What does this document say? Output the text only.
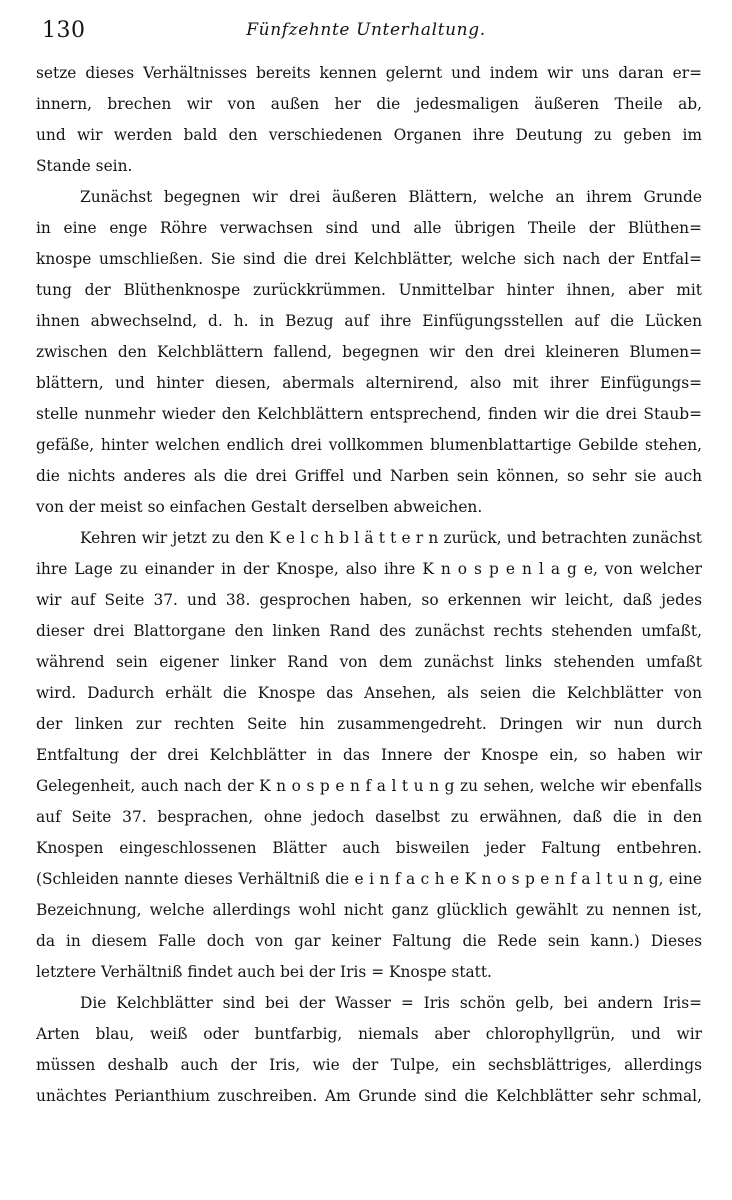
130	Fünfzehnte Unterhaltung.
setze dieses Verhältnisses bereits kennen gelernt und indem wir uns daran er=
innern, brechen wir von außen her die jedesmaligen äußeren Theile ab,
und wir werden bald den verschiedenen Organen ihre Deutung zu geben im
Stande sein.
Zunächst begegnen wir drei äußeren Blättern, welche an ihrem Grunde
in eine enge Röhre verwachsen sind und alle übrigen Theile der Blüthen=
knospe umschließen. Sie sind die drei Kelchblätter, welche sich nach der Entfal=
tung der Blüthenknospe zurückkrümmen. Unmittelbar hinter ihnen, aber mit
ihnen abwechselnd, d. h. in Bezug auf ihre Einfügungsstellen auf die Lücken
zwischen den Kelchblättern fallend, begegnen wir den drei kleineren Blumen=
blättern, und hinter diesen, abermals alternirend, also mit ihrer Einfügungs=
stelle nunmehr wieder den Kelchblättern entsprechend, finden wir die drei Staub=
gefäße, hinter welchen endlich drei vollkommen blumenblattartige Gebilde stehen,
die nichts anderes als die drei Griffel und Narben sein können, so sehr sie auch
von der meist so einfachen Gestalt derselben abweichen.
Kehren wir jetzt zu den K e l c h b l ä t t e r n zurück, und betrachten zunächst
ihre Lage zu einander in der Knospe, also ihre K n o s p e n l a g e, von welcher
wir auf Seite 37. und 38. gesprochen haben, so erkennen wir leicht, daß jedes
dieser drei Blattorgane den linken Rand des zunächst rechts stehenden umfaßt,
während sein eigener linker Rand von dem zunächst links stehenden umfaßt
wird. Dadurch erhält die Knospe das Ansehen, als seien die Kelchblätter von
der linken zur rechten Seite hin zusammengedreht. Dringen wir nun durch
Entfaltung der drei Kelchblätter in das Innere der Knospe ein, so haben wir
Gelegenheit, auch nach der K n o s p e n f a l t u n g zu sehen, welche wir ebenfalls
auf Seite 37. besprachen, ohne jedoch daselbst zu erwähnen, daß die in den
Knospen eingeschlossenen Blätter auch bisweilen jeder Faltung entbehren.
(Schleiden nannte dieses Verhältniß die e i n f a c h e K n o s p e n f a l t u n g, eine
Bezeichnung, welche allerdings wohl nicht ganz glücklich gewählt zu nennen ist,
da in diesem Falle doch von gar keiner Faltung die Rede sein kann.) Dieses
letztere Verhältniß findet auch bei der Iris = Knospe statt.
Die Kelchblätter sind bei der Wasser = Iris schön gelb, bei andern Iris=
Arten blau, weiß oder buntfarbig, niemals aber chlorophyllgrün, und wir
müssen deshalb auch der Iris, wie der Tulpe, ein sechsblättriges, allerdings
unächtes Perianthium zuschreiben. Am Grunde sind die Kelchblätter sehr schmal,
